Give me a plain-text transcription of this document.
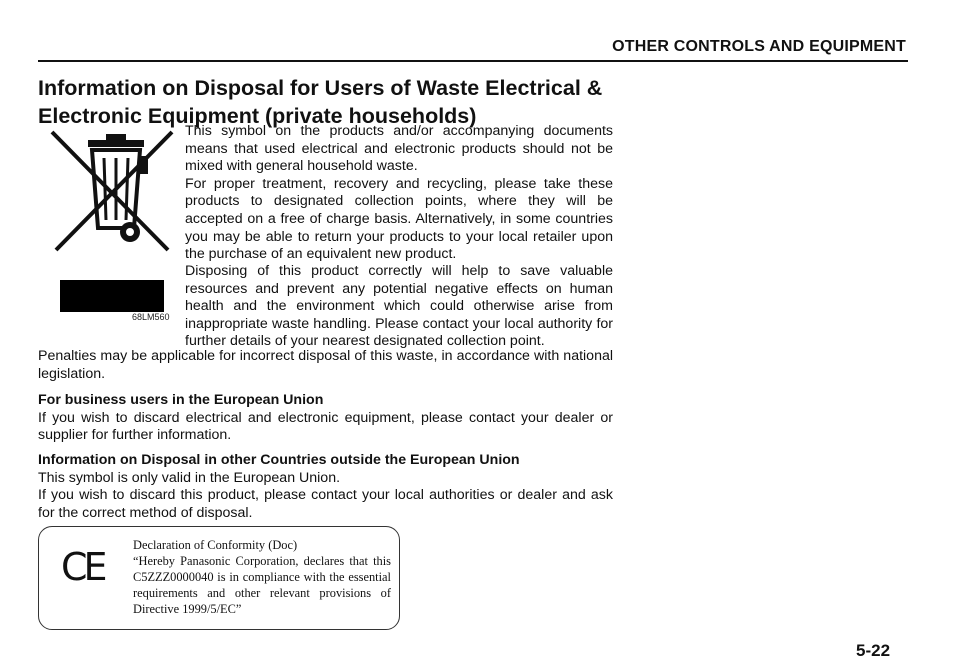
OTHER CONTROLS AND EQUIPMENT
Information on Disposal for Users of Waste Electrical & Electronic Equipment (private households)
68LM560

This symbol on the products and/or accompanying documents means that used electrical and electronic products should not be mixed with general household waste.

For proper treatment, recovery and recycling, please take these products to designated collection points, where they will be accepted on a free of charge basis. Alternatively, in some countries you may be able to return your products to your local retailer upon the purchase of an equivalent new product.

Disposing of this product correctly will help to save valuable resources and prevent any potential negative effects on human health and the environment which could otherwise arise from inappropriate waste handling. Please contact your local authority for further details of your nearest designated collection point.

Penalties may be applicable for incorrect disposal of this waste, in accordance with national legislation.

For business users in the European Union

If you wish to discard electrical and electronic equipment, please contact your dealer or supplier for further information.

Information on Disposal in other Countries outside the European Union

This symbol is only valid in the European Union.

If you wish to discard this product, please contact your local authorities or dealer and ask for the correct method of disposal.

CE Declaration of Conformity (Doc)
“Hereby Panasonic Corporation, declares that this C5ZZZ0000040 is in compliance with the essential requirements and other relevant provisions of Directive 1999/5/EC”
5-22
